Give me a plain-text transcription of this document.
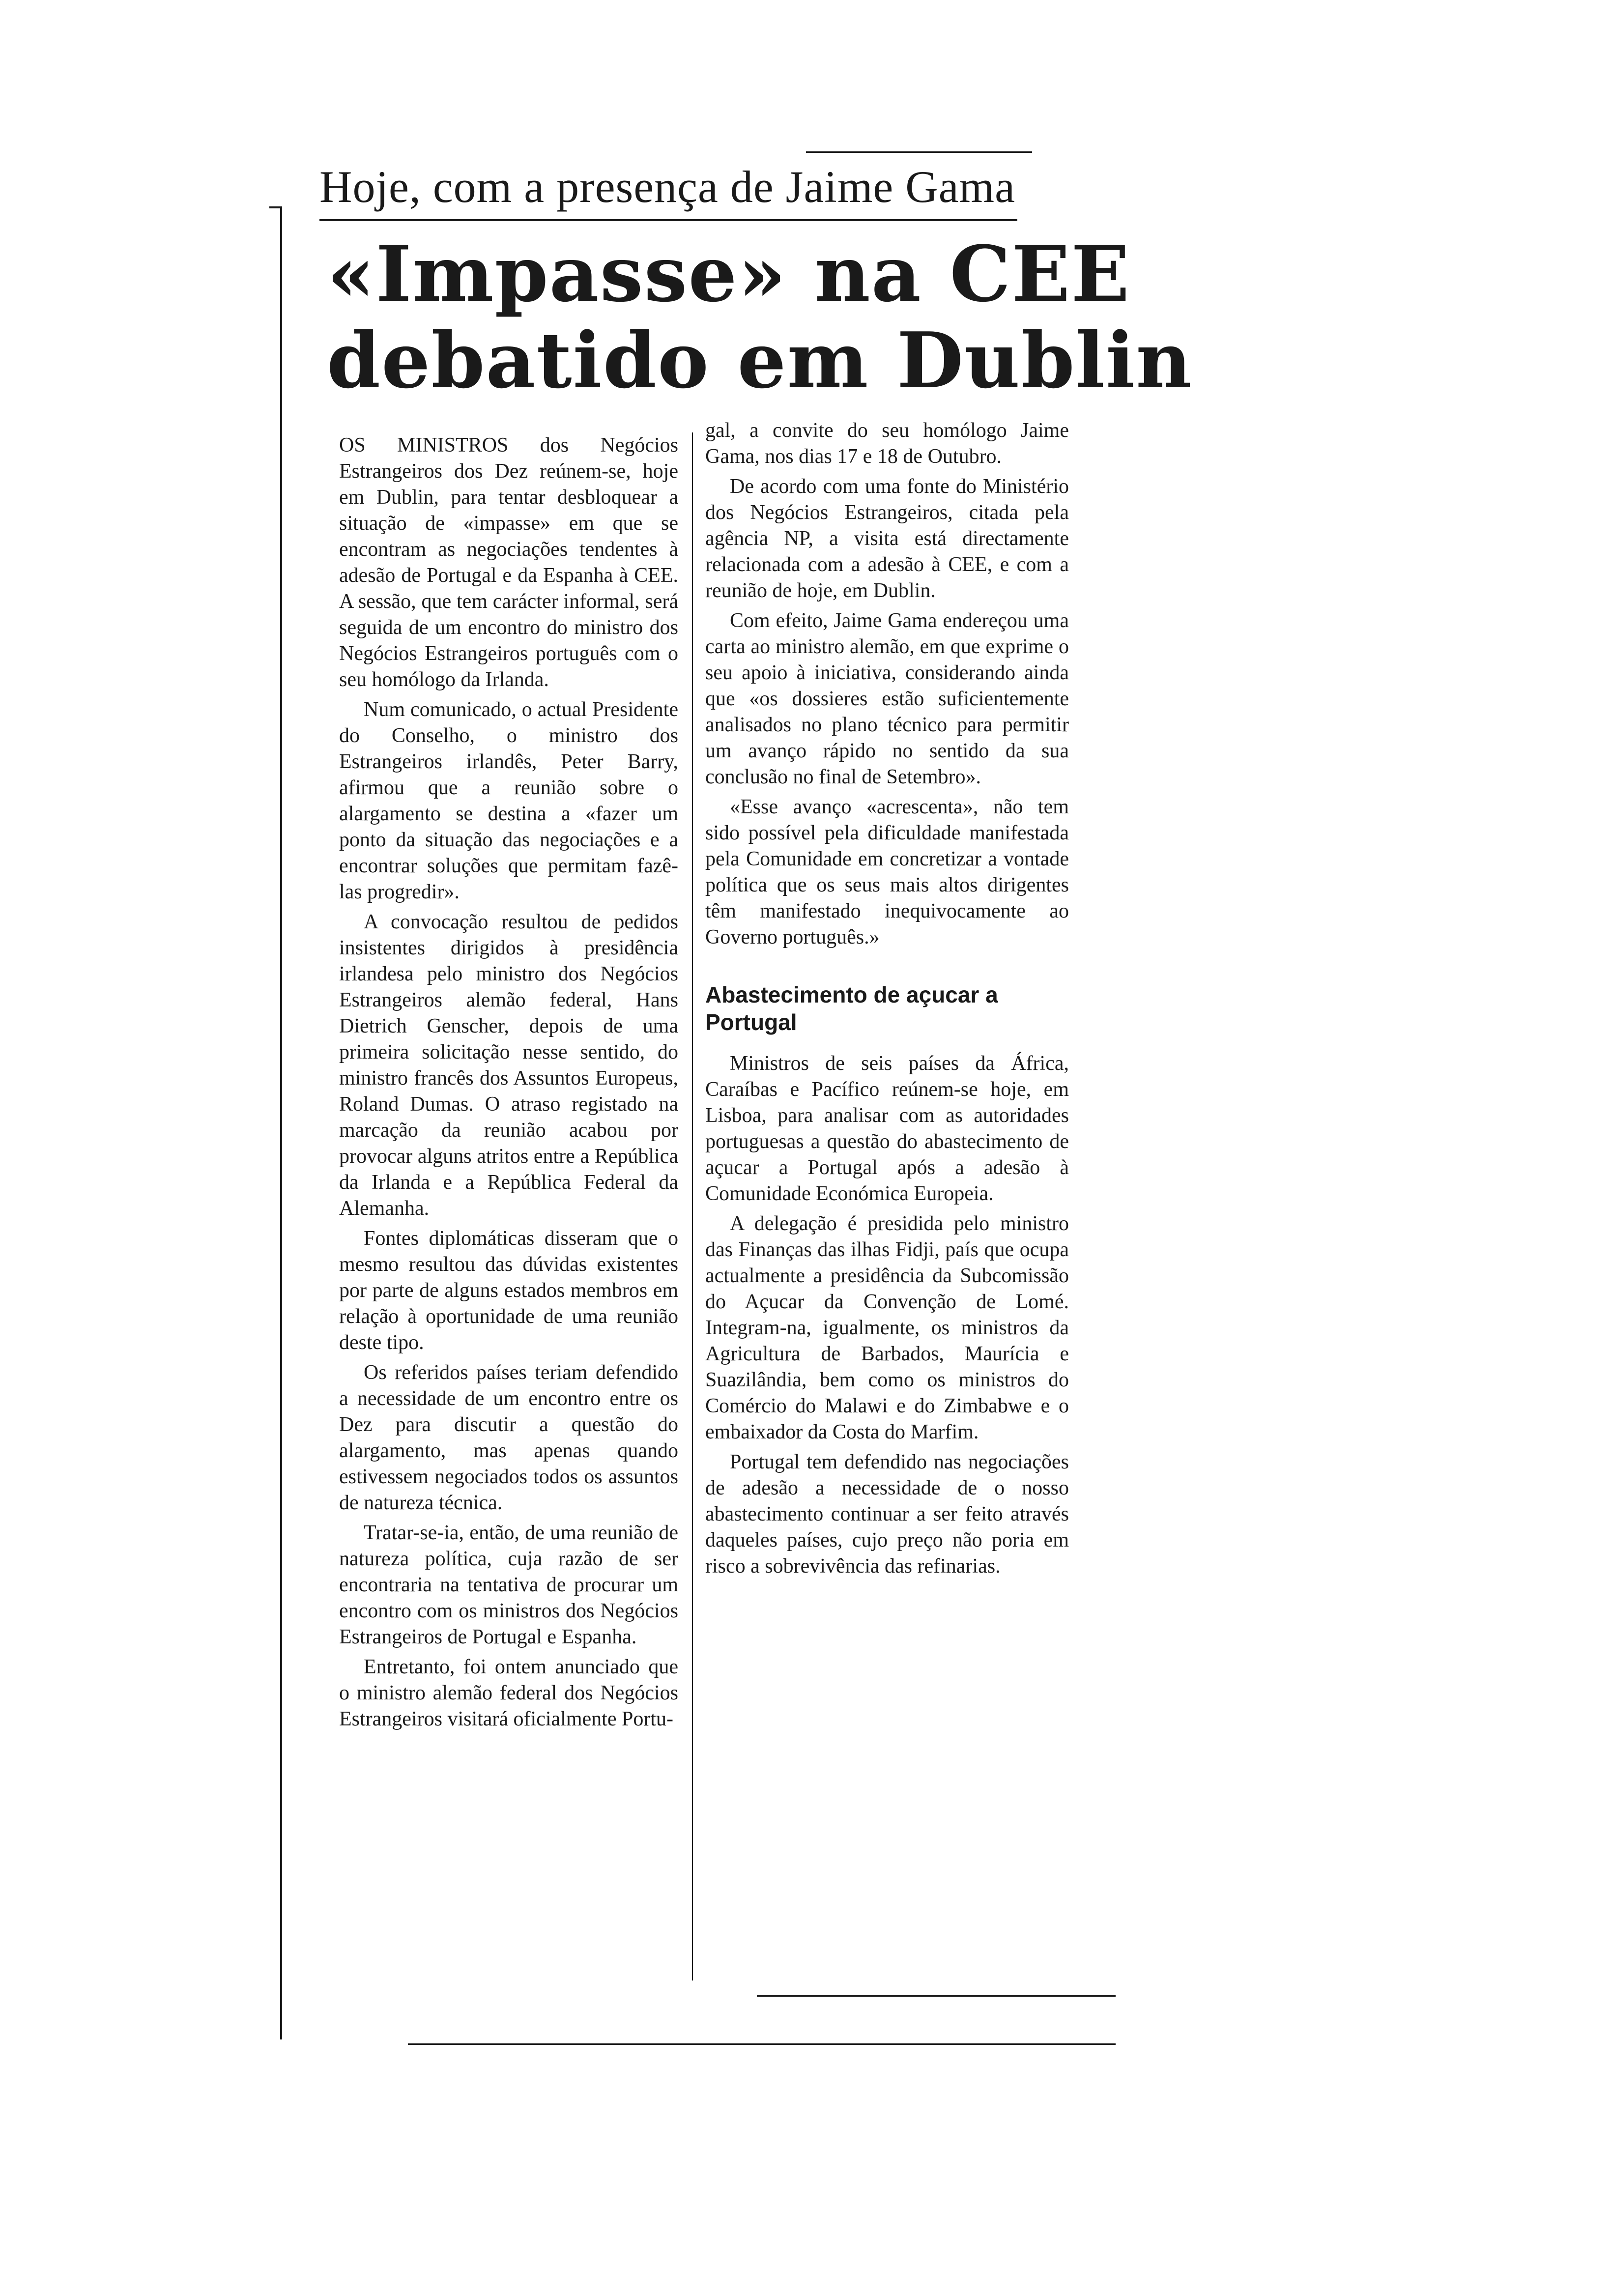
Hoje, com a presença de Jaime Gama
«Impasse» na CEE
debatido em Dublin

OS MINISTROS dos Negócios Estrangeiros dos Dez reúnem-se, hoje em Dublin, para tentar desbloquear a situação de «impasse» em que se encontram as negociações tendentes à adesão de Portugal e da Espanha à CEE. A sessão, que tem carácter informal, será seguida de um encontro do ministro dos Negócios Estrangeiros português com o seu homólogo da Irlanda.

Num comunicado, o actual Presidente do Conselho, o ministro dos Estrangeiros irlandês, Peter Barry, afirmou que a reunião sobre o alargamento se destina a «fazer um ponto da situação das negociações e a encontrar soluções que permitam fazê-las progredir».

A convocação resultou de pedidos insistentes dirigidos à presidência irlandesa pelo ministro dos Negócios Estrangeiros alemão federal, Hans Dietrich Genscher, depois de uma primeira solicitação nesse sentido, do ministro francês dos Assuntos Europeus, Roland Dumas. O atraso registado na marcação da reunião acabou por provocar alguns atritos entre a República da Irlanda e a República Federal da Alemanha.

Fontes diplomáticas disseram que o mesmo resultou das dúvidas existentes por parte de alguns estados membros em relação à oportunidade de uma reunião deste tipo.

Os referidos países teriam defendido a necessidade de um encontro entre os Dez para discutir a questão do alargamento, mas apenas quando estivessem negociados todos os assuntos de natureza técnica.

Tratar-se-ia, então, de uma reunião de natureza política, cuja razão de ser encontraria na tentativa de procurar um encontro com os ministros dos Negócios Estrangeiros de Portugal e Espanha.

Entretanto, foi ontem anunciado que o ministro alemão federal dos Negócios Estrangeiros visitará oficialmente Portu-

gal, a convite do seu homólogo Jaime Gama, nos dias 17 e 18 de Outubro.

De acordo com uma fonte do Ministério dos Negócios Estrangeiros, citada pela agência NP, a visita está directamente relacionada com a adesão à CEE, e com a reunião de hoje, em Dublin.

Com efeito, Jaime Gama endereçou uma carta ao ministro alemão, em que exprime o seu apoio à iniciativa, considerando ainda que «os dossieres estão suficientemente analisados no plano técnico para permitir um avanço rápido no sentido da sua conclusão no final de Setembro».

«Esse avanço «acrescenta», não tem sido possível pela dificuldade manifestada pela Comunidade em concretizar a vontade política que os seus mais altos dirigentes têm manifestado inequivocamente ao Governo português.»

Abastecimento de açucar a Portugal

Ministros de seis países da África, Caraíbas e Pacífico reúnem-se hoje, em Lisboa, para analisar com as autoridades portuguesas a questão do abastecimento de açucar a Portugal após a adesão à Comunidade Económica Europeia.

A delegação é presidida pelo ministro das Finanças das ilhas Fidji, país que ocupa actualmente a presidência da Subcomissão do Açucar da Convenção de Lomé. Integram-na, igualmente, os ministros da Agricultura de Barbados, Maurícia e Suazilândia, bem como os ministros do Comércio do Malawi e do Zimbabwe e o embaixador da Costa do Marfim.

Portugal tem defendido nas negociações de adesão a necessidade de o nosso abastecimento continuar a ser feito através daqueles países, cujo preço não poria em risco a sobrevivência das refinarias.
